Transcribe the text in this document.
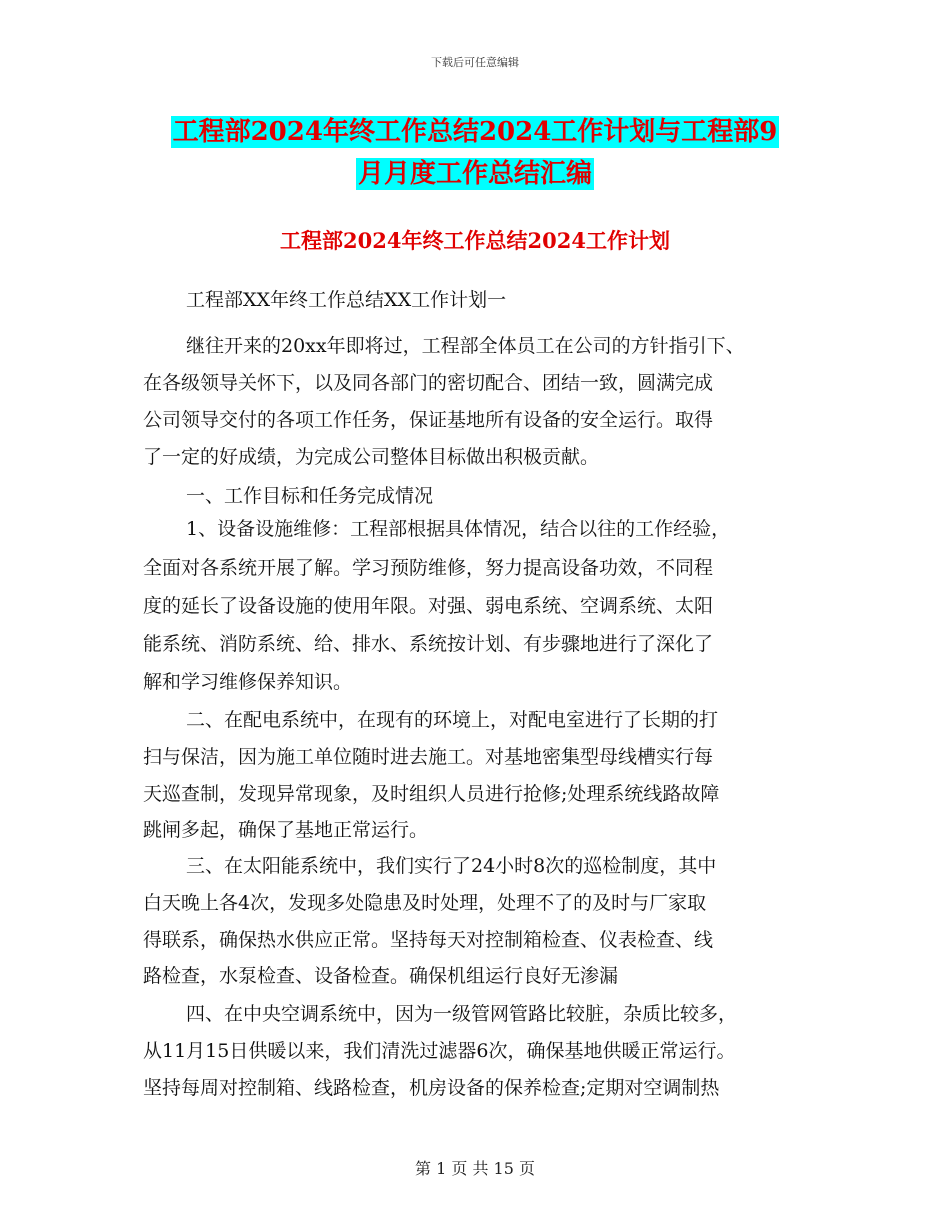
下载后可任意编辑
工程部2024年终工作总结2024工作计划与工程部9
月月度工作总结汇编
工程部2024年终工作总结2024工作计划
工程部XX年终工作总结XX工作计划一
继往开来的20xx年即将过，工程部全体员工在公司的方针指引下、
在各级领导关怀下，以及同各部门的密切配合、团结一致，圆满完成
公司领导交付的各项工作任务，保证基地所有设备的安全运行。取得
了一定的好成绩，为完成公司整体目标做出积极贡献。
一、工作目标和任务完成情况
1、设备设施维修：工程部根据具体情况，结合以往的工作经验，
全面对各系统开展了解。学习预防维修，努力提高设备功效，不同程
度的延长了设备设施的使用年限。对强、弱电系统、空调系统、太阳
能系统、消防系统、给、排水、系统按计划、有步骤地进行了深化了
解和学习维修保养知识。
二、在配电系统中，在现有的环境上，对配电室进行了长期的打
扫与保洁，因为施工单位随时进去施工。对基地密集型母线槽实行每
天巡查制，发现异常现象，及时组织人员进行抢修;处理系统线路故障
跳闸多起，确保了基地正常运行。
三、在太阳能系统中，我们实行了24小时8次的巡检制度，其中
白天晚上各4次，发现多处隐患及时处理，处理不了的及时与厂家取
得联系，确保热水供应正常。坚持每天对控制箱检查、仪表检查、线
路检查，水泵检查、设备检查。确保机组运行良好无渗漏
四、在中央空调系统中，因为一级管网管路比较脏，杂质比较多，
从11月15日供暖以来，我们清洗过滤器6次，确保基地供暖正常运行。
坚持每周对控制箱、线路检查，机房设备的保养检查;定期对空调制热
第 1 页 共 15 页
